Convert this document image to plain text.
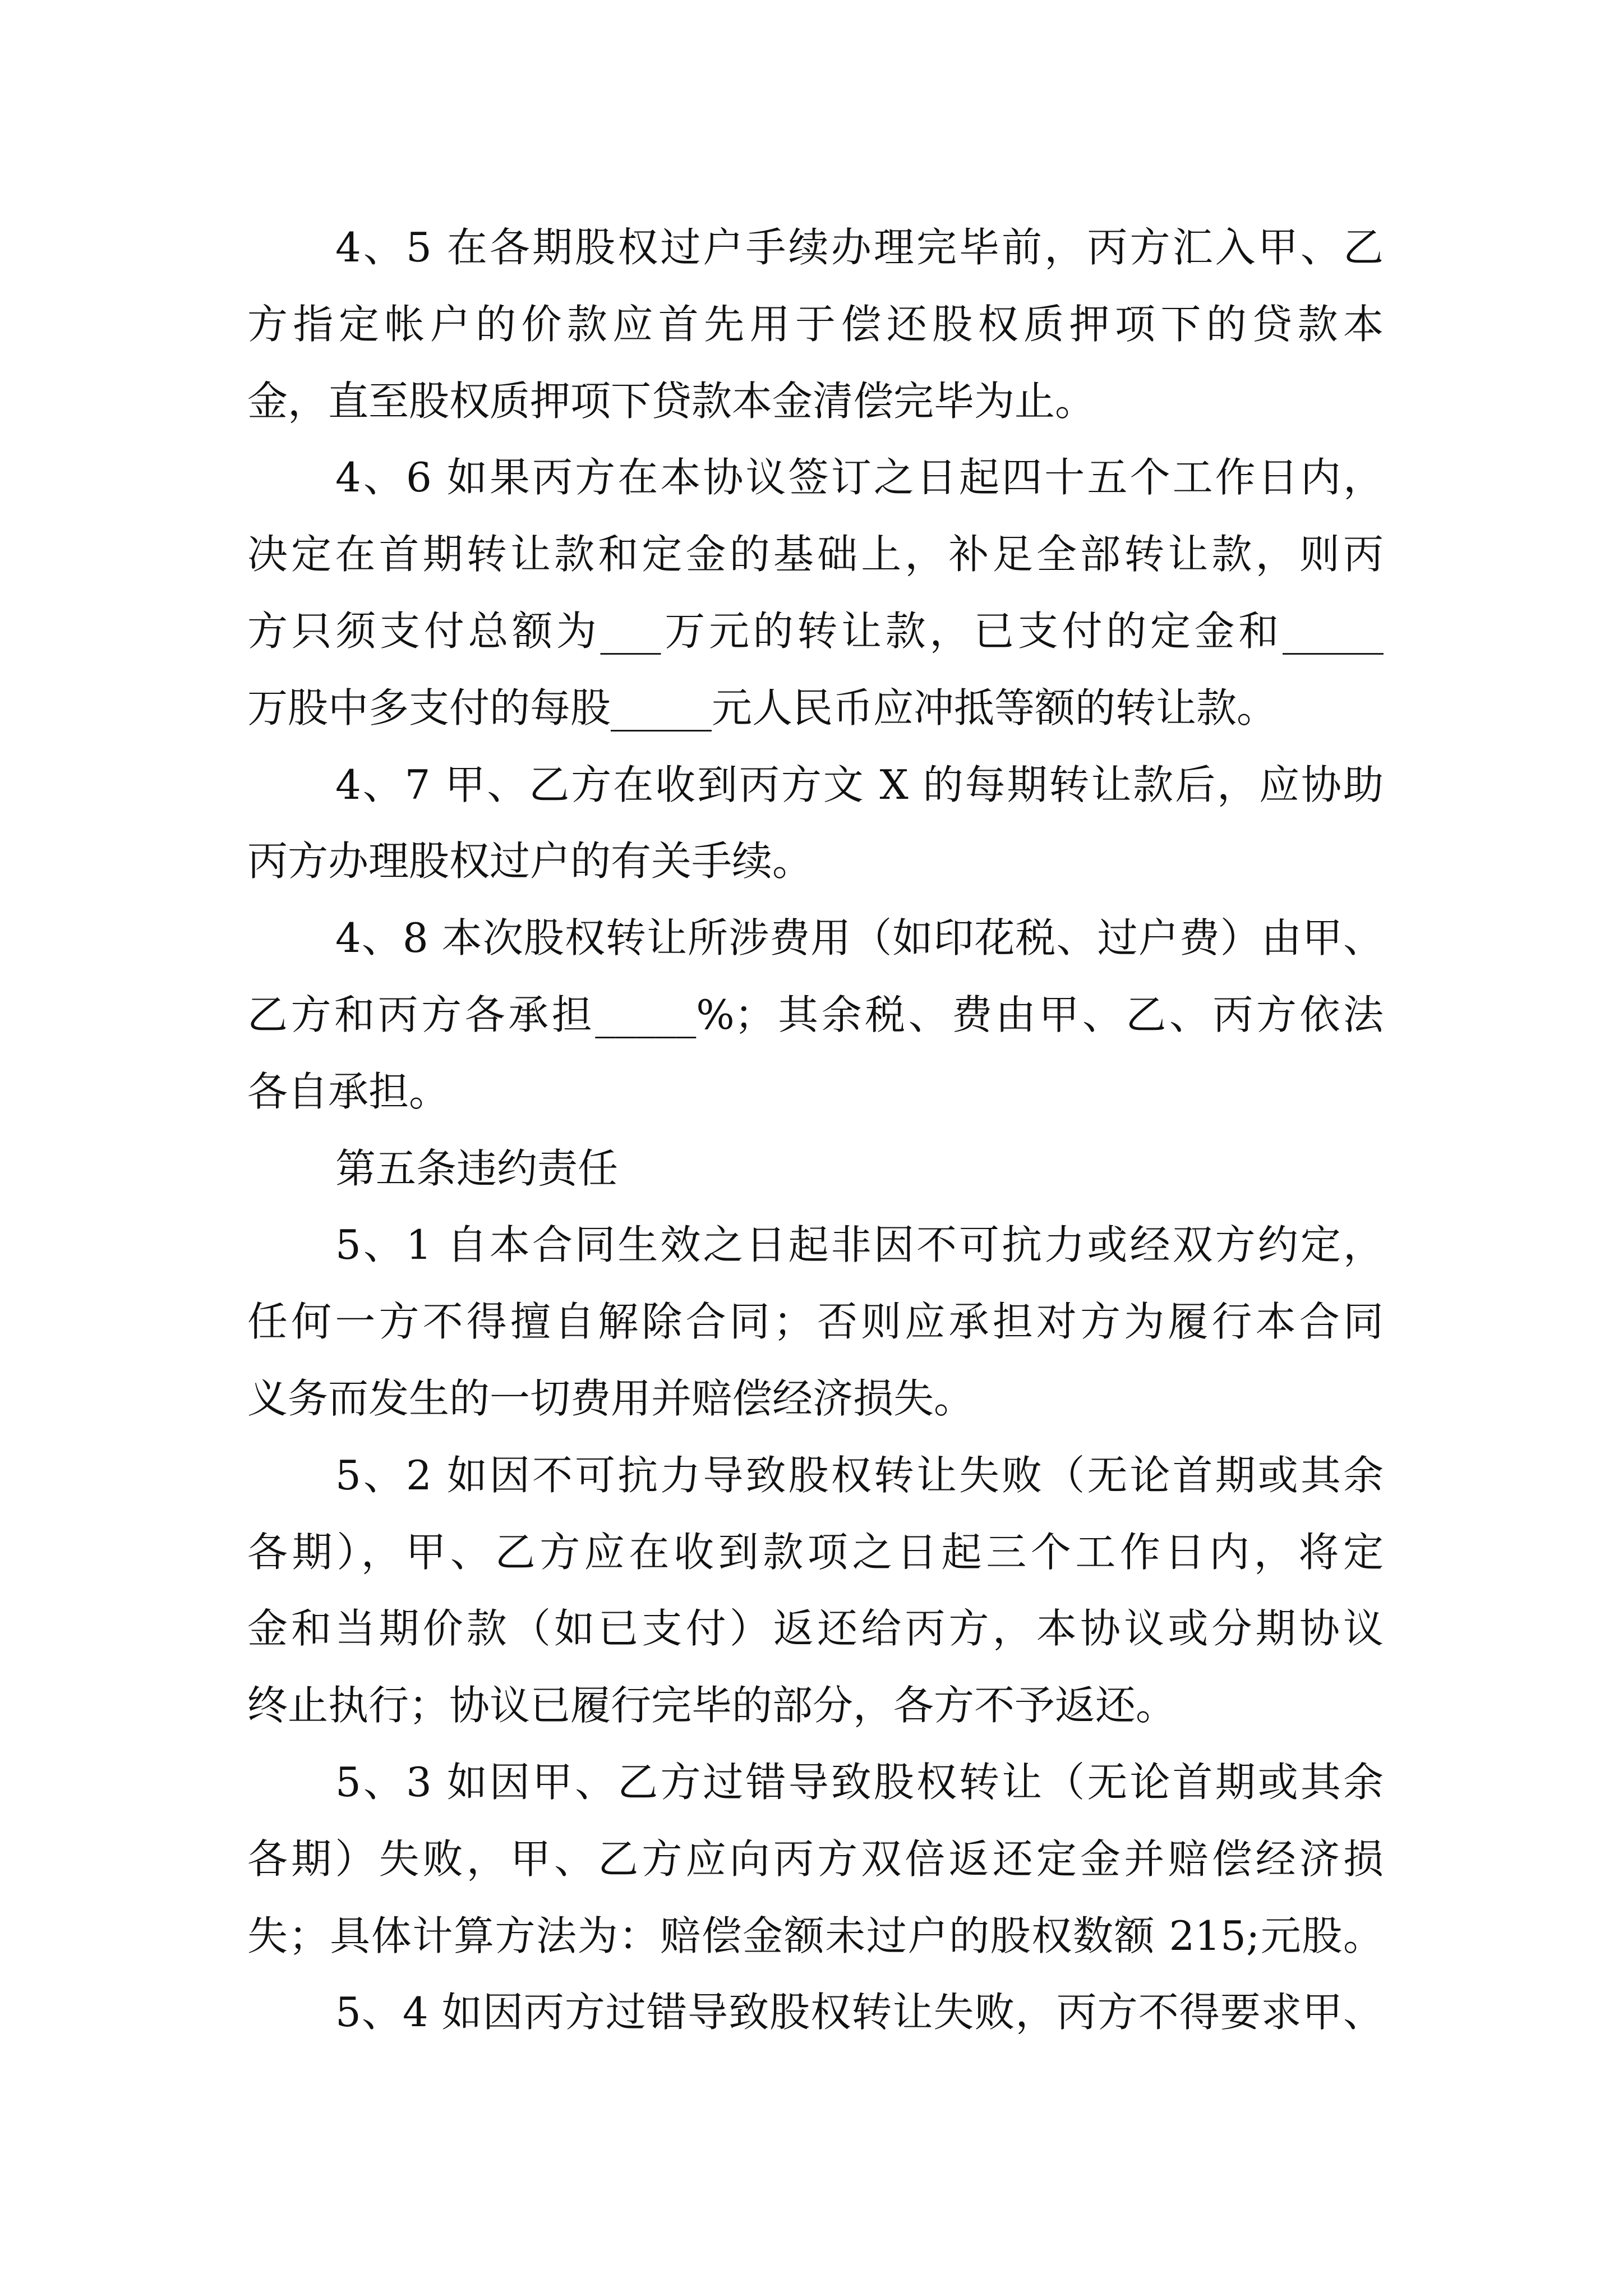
4、5 在各期股权过户手续办理完毕前，丙方汇入甲、乙
方指定帐户的价款应首先用于偿还股权质押项下的贷款本
金，直至股权质押项下贷款本金清偿完毕为止。
4、6 如果丙方在本协议签订之日起四十五个工作日内，
决定在首期转让款和定金的基础上，补足全部转让款，则丙
方只须支付总额为___万元的转让款，已支付的定金和_____
万股中多支付的每股_____元人民币应冲抵等额的转让款。
4、7 甲、乙方在收到丙方文 X 的每期转让款后，应协助
丙方办理股权过户的有关手续。
4、8 本次股权转让所涉费用（如印花税、过户费）由甲、
乙方和丙方各承担_____%；其余税、费由甲、乙、丙方依法
各自承担。
第五条违约责任
5、1 自本合同生效之日起非因不可抗力或经双方约定，
任何一方不得擅自解除合同；否则应承担对方为履行本合同
义务而发生的一切费用并赔偿经济损失。
5、2 如因不可抗力导致股权转让失败（无论首期或其余
各期），甲、乙方应在收到款项之日起三个工作日内，将定
金和当期价款（如已支付）返还给丙方，本协议或分期协议
终止执行；协议已履行完毕的部分，各方不予返还。
5、3 如因甲、乙方过错导致股权转让（无论首期或其余
各期）失败，甲、乙方应向丙方双倍返还定金并赔偿经济损
失；具体计算方法为：赔偿金额未过户的股权数额 215;元股。
5、4 如因丙方过错导致股权转让失败，丙方不得要求甲、
